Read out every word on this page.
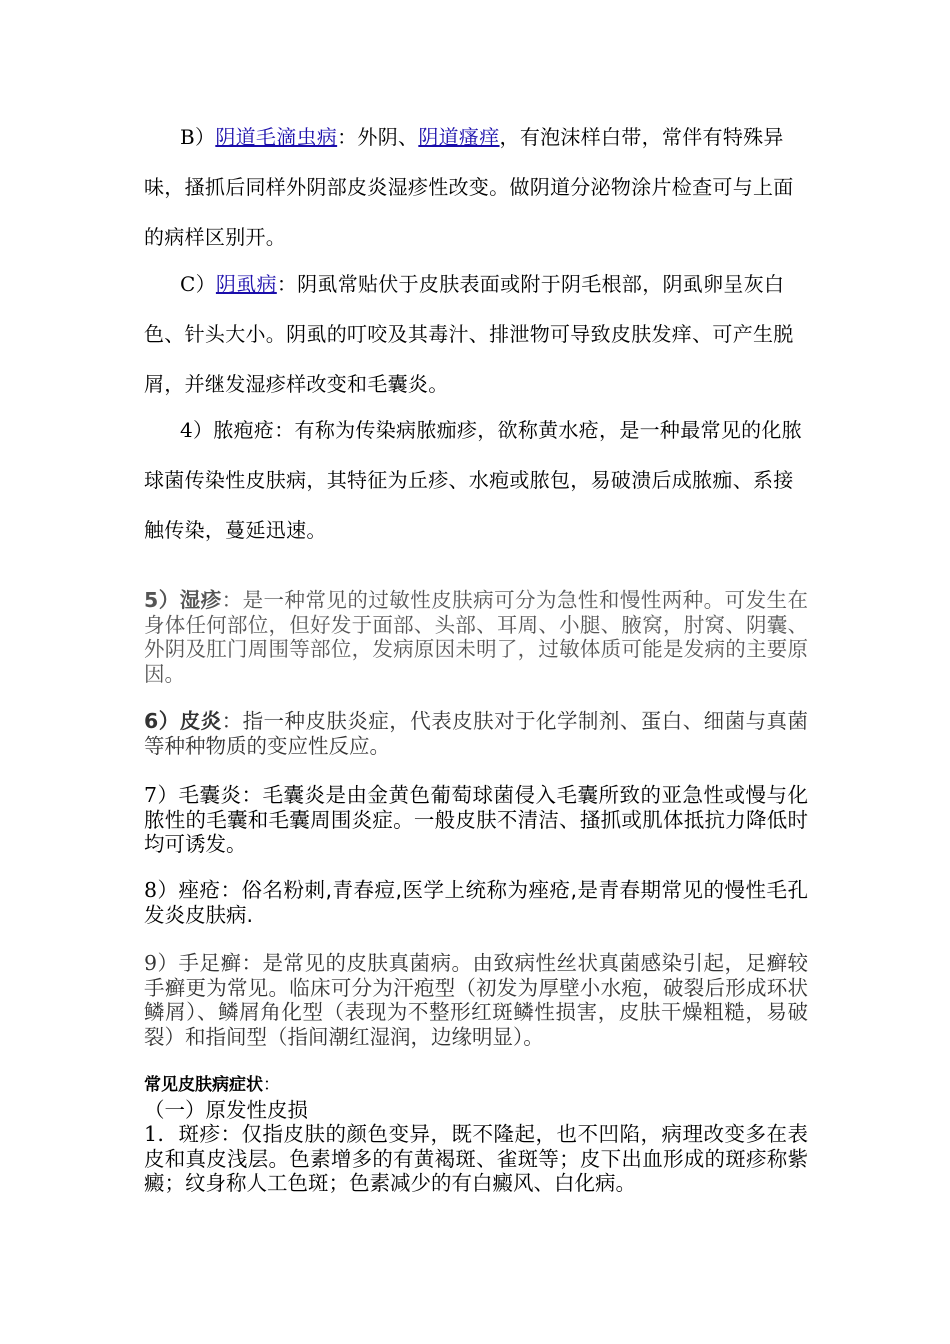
B）阴道毛滴虫病：外阴、阴道瘙痒，有泡沫样白带，常伴有特殊异味，搔抓后同样外阴部皮炎湿疹性改变。做阴道分泌物涂片检查可与上面的病样区别开。

C）阴虱病：阴虱常贴伏于皮肤表面或附于阴毛根部，阴虱卵呈灰白色、针头大小。阴虱的叮咬及其毒汁、排泄物可导致皮肤发痒、可产生脱屑，并继发湿疹样改变和毛囊炎。

4）脓疱疮：有称为传染病脓痂疹，欲称黄水疮，是一种最常见的化脓球菌传染性皮肤病，其特征为丘疹、水疱或脓包，易破溃后成脓痂、系接触传染，蔓延迅速。

5）湿疹：是一种常见的过敏性皮肤病可分为急性和慢性两种。可发生在身体任何部位，但好发于面部、头部、耳周、小腿、腋窝，肘窝、阴囊、外阴及肛门周围等部位，发病原因未明了，过敏体质可能是发病的主要原因。

6）皮炎：指一种皮肤炎症，代表皮肤对于化学制剂、蛋白、细菌与真菌等种种物质的变应性反应。

7）毛囊炎：毛囊炎是由金黄色葡萄球菌侵入毛囊所致的亚急性或慢与化脓性的毛囊和毛囊周围炎症。一般皮肤不清洁、搔抓或肌体抵抗力降低时均可诱发。

8）痤疮：俗名粉刺,青春痘,医学上统称为痤疮,是青春期常见的慢性毛孔发炎皮肤病.

9）手足癣：是常见的皮肤真菌病。由致病性丝状真菌感染引起，足癣较手癣更为常见。临床可分为汗疱型（初发为厚壁小水疱，破裂后形成环状鳞屑）、鳞屑角化型（表现为不整形红斑鳞性损害，皮肤干燥粗糙，易破裂）和指间型（指间潮红湿润，边缘明显）。

常见皮肤病症状：

（一）原发性皮损

1．斑疹：仅指皮肤的颜色变异，既不隆起，也不凹陷，病理改变多在表皮和真皮浅层。色素增多的有黄褐斑、雀斑等；皮下出血形成的斑疹称紫癜；纹身称人工色斑；色素减少的有白癜风、白化病。
